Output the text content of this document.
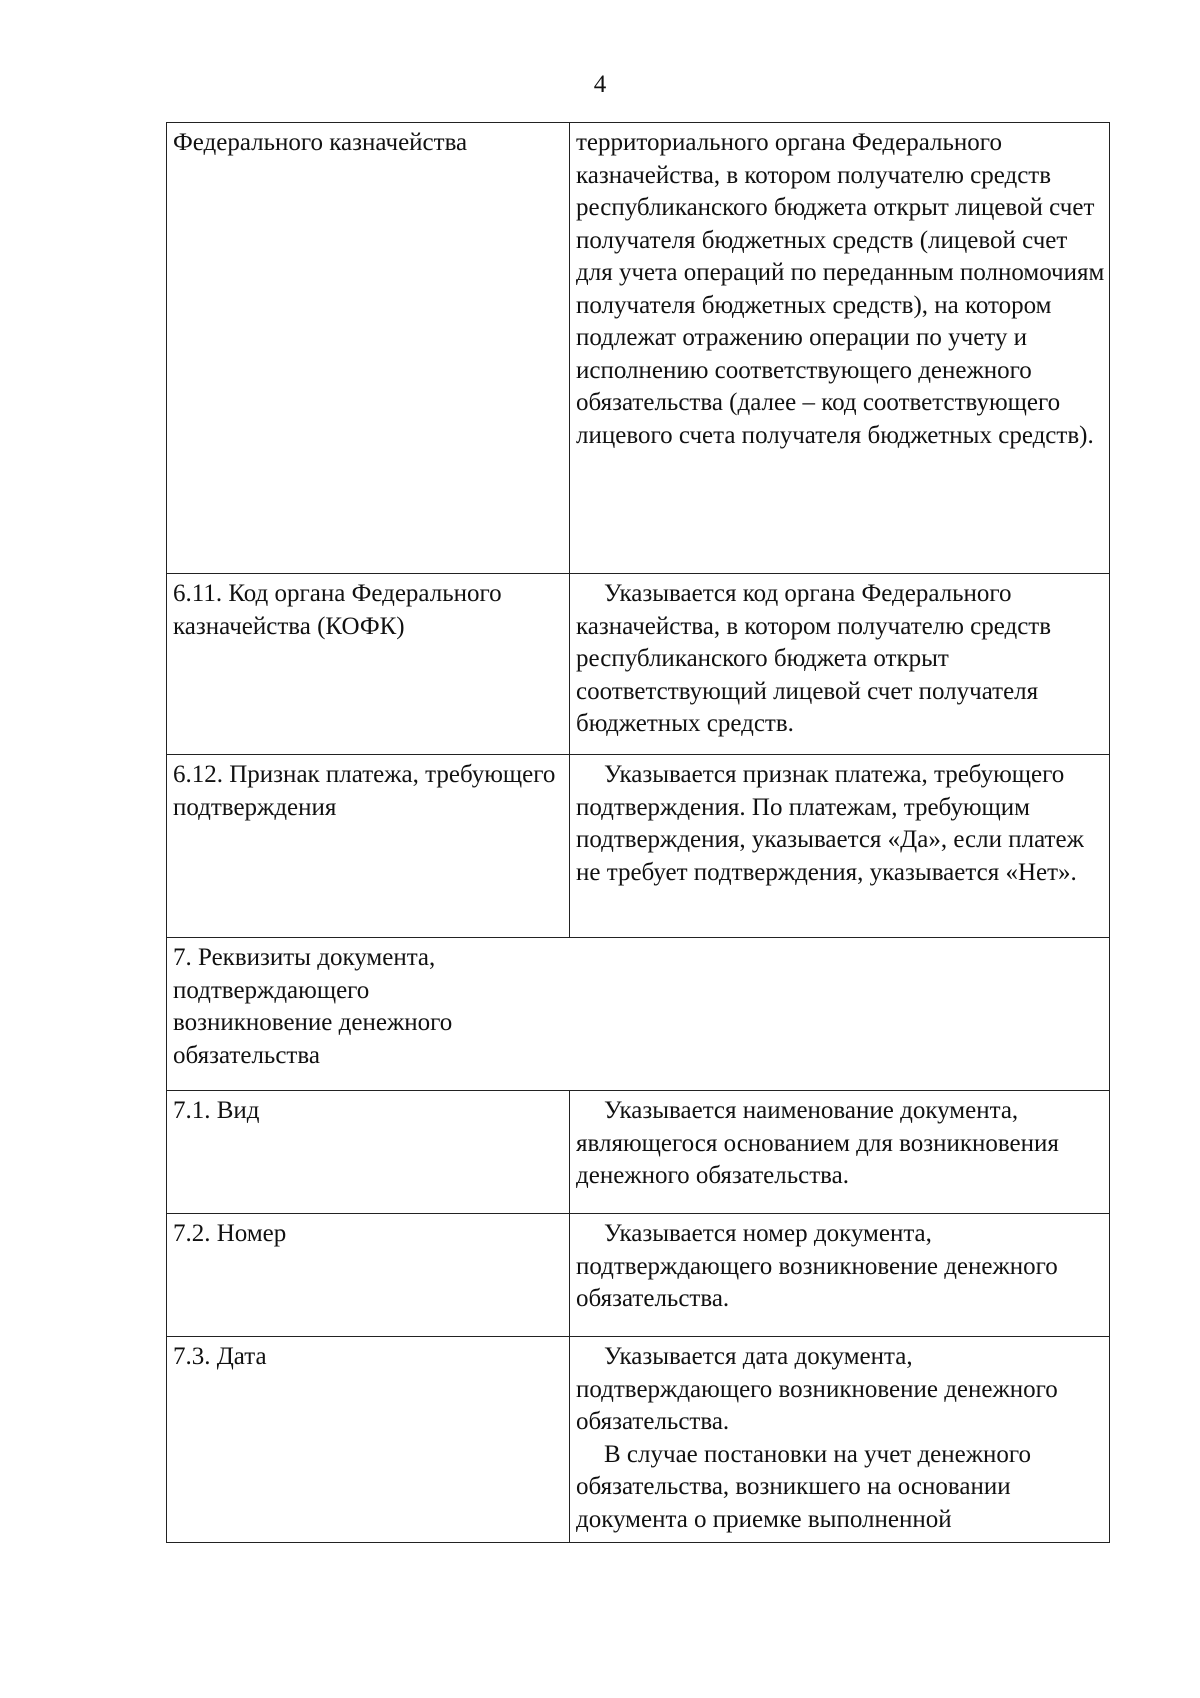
4
Федерального казначейства	территориального органа Федерального казначейства, в котором получателю средств республиканского бюджета открыт лицевой счет получателя бюджетных средств (лицевой счет для учета операций по переданным полномочиям получателя бюджетных средств), на котором подлежат отражению операции по учету и исполнению соответствующего денежного обязательства (далее – код соответствующего лицевого счета получателя бюджетных средств).
6.11. Код органа Федерального казначейства (КОФК)	Указывается код органа Федерального казначейства, в котором получателю средств республиканского бюджета открыт соответствующий лицевой счет получателя бюджетных средств.
6.12. Признак платежа, требующего подтверждения	Указывается признак платежа, требующего подтверждения. По платежам, требующим подтверждения, указывается «Да», если платеж не требует подтверждения, указывается «Нет».

7. Реквизиты документа, подтверждающего возникновение денежного обязательства	

7.1. Вид	Указывается наименование документа, являющегося основанием для возникновения денежного обязательства.
7.2. Номер	Указывается номер документа, подтверждающего возникновение денежного обязательства.
7.3. Дата	Указывается дата документа, подтверждающего возникновение денежного обязательства.
В случае постановки на учет денежного обязательства, возникшего на основании документа о приемке выполненной
